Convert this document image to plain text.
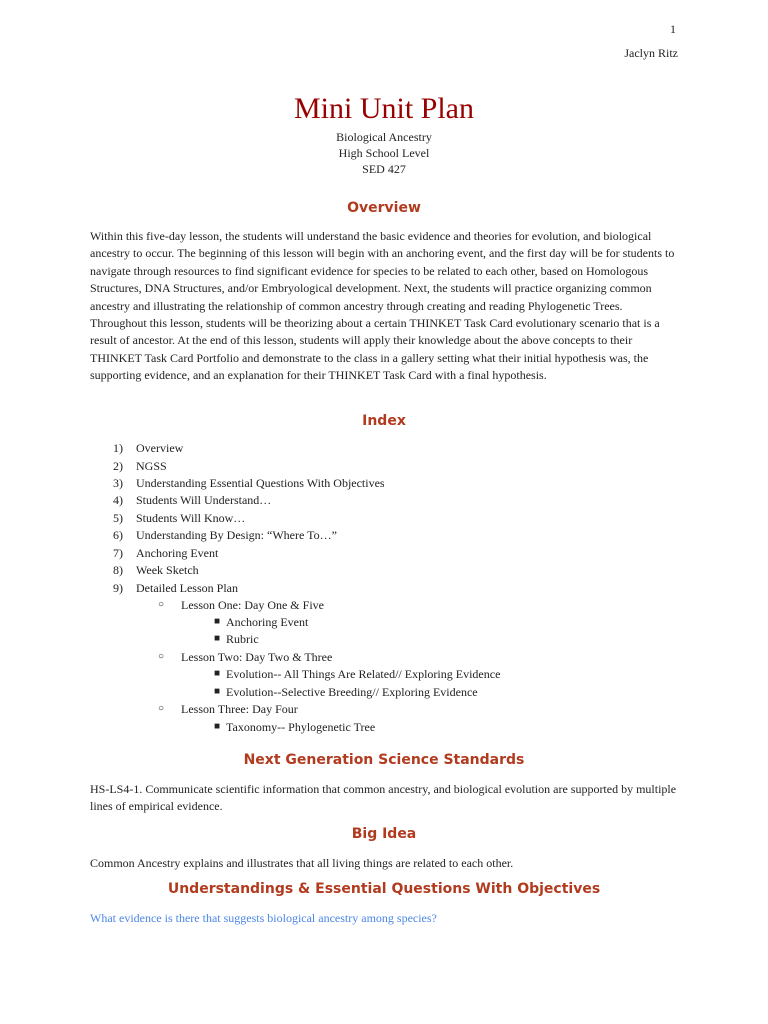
1
Jaclyn Ritz
Mini Unit Plan
Biological Ancestry
High School Level
SED 427
Overview
Within this five-day lesson, the students will understand the basic evidence and theories for evolution, and biological ancestry to occur. The beginning of this lesson will begin with an anchoring event, and the first day will be for students to navigate through resources to find significant evidence for species to be related to each other, based on Homologous Structures, DNA Structures, and/or Embryological development. Next, the students will practice organizing common ancestry and illustrating the relationship of common ancestry through creating and reading Phylogenetic Trees. Throughout this lesson, students will be theorizing about a certain THINKET Task Card evolutionary scenario that is a result of ancestor. At the end of this lesson, students will apply their knowledge about the above concepts to their THINKET Task Card Portfolio and demonstrate to the class in a gallery setting what their initial hypothesis was, the supporting evidence, and an explanation for their THINKET Task Card with a final hypothesis.
Index
1) Overview
2) NGSS
3) Understanding Essential Questions With Objectives
4) Students Will Understand…
5) Students Will Know…
6) Understanding By Design: “Where To…”
7) Anchoring Event
8) Week Sketch
9) Detailed Lesson Plan
○ Lesson One: Day One & Five
■ Anchoring Event
■ Rubric
○ Lesson Two: Day Two & Three
■ Evolution-- All Things Are Related// Exploring Evidence
■ Evolution--Selective Breeding// Exploring Evidence
○ Lesson Three: Day Four
■ Taxonomy-- Phylogenetic Tree
Next Generation Science Standards
HS-LS4-1. Communicate scientific information that common ancestry, and biological evolution are supported by multiple lines of empirical evidence.
Big Idea
Common Ancestry explains and illustrates that all living things are related to each other.
Understandings & Essential Questions With Objectives
What evidence is there that suggests biological ancestry among species?
